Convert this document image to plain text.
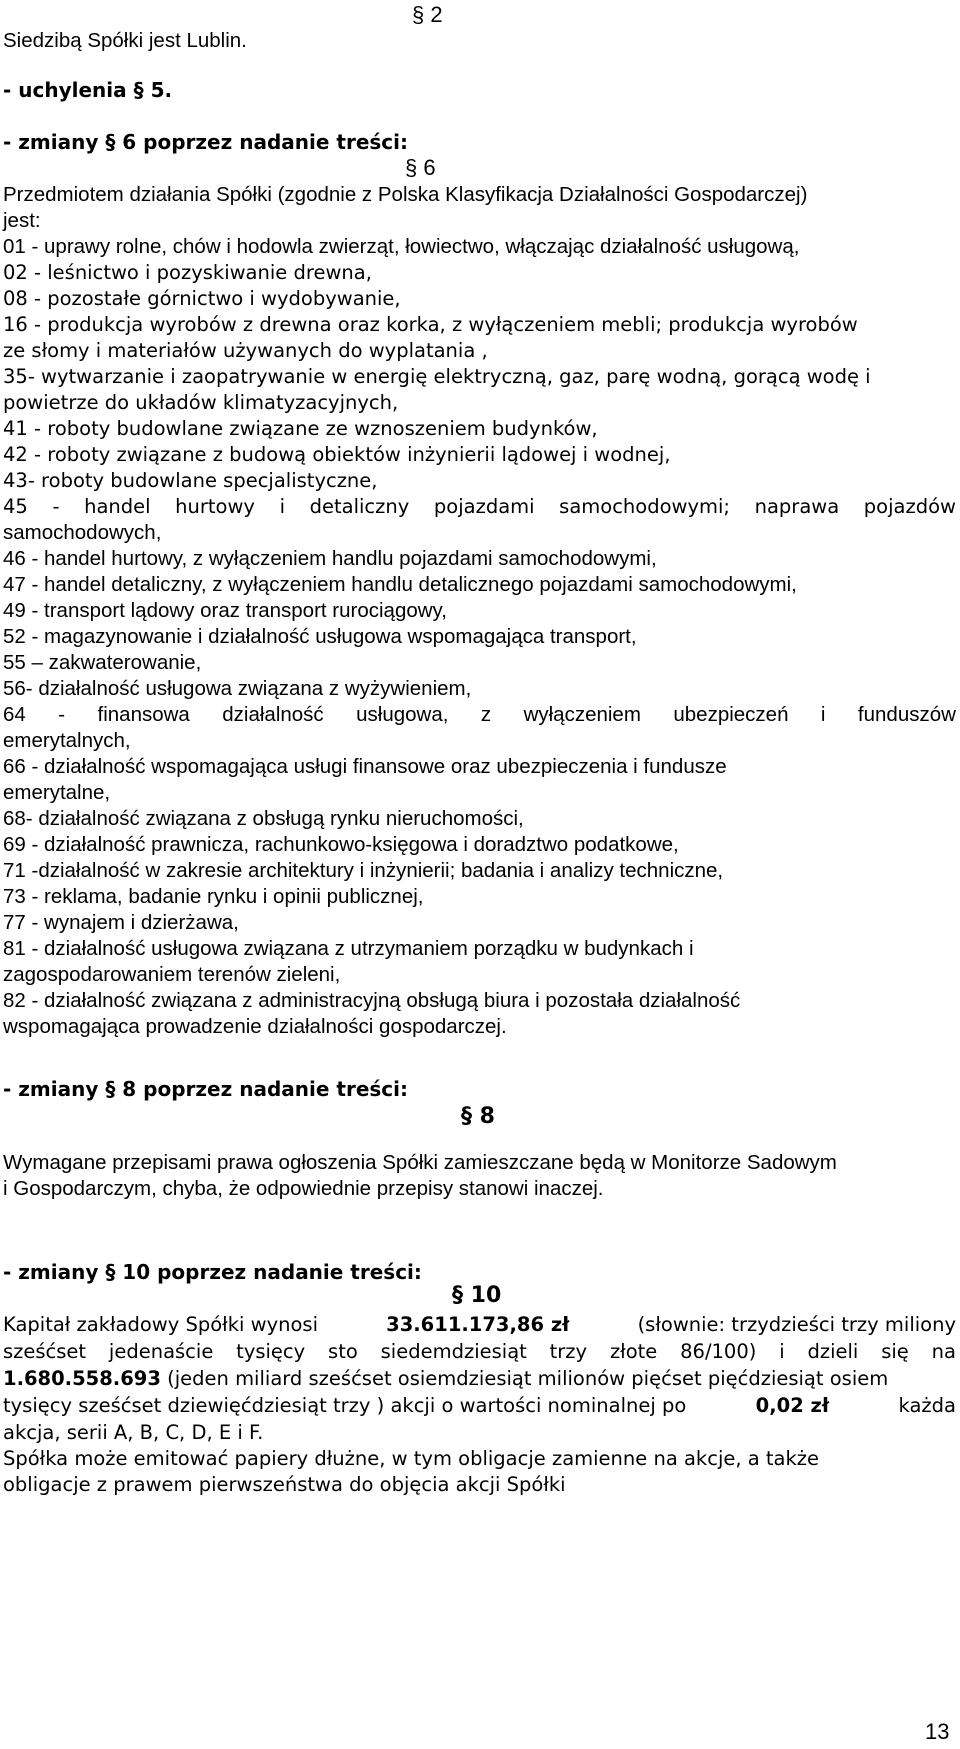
Siedzibą Spółki jest Lublin.
§ 2
- uchylenia § 5.
- zmiany § 6 poprzez nadanie treści:
§ 6
Przedmiotem działania Spółki (zgodnie z Polska Klasyfikacja Działalności Gospodarczej)
jest:
01 - uprawy rolne, chów i hodowla zwierząt, łowiectwo, włączając działalność usługową,
02 - leśnictwo i pozyskiwanie drewna,
08 - pozostałe górnictwo i wydobywanie,
16 - produkcja wyrobów z drewna oraz korka, z wyłączeniem mebli; produkcja wyrobów
ze słomy i materiałów używanych do wyplatania ,
35- wytwarzanie i zaopatrywanie w energię elektryczną, gaz, parę wodną, gorącą wodę i
powietrze do układów klimatyzacyjnych,
41 - roboty budowlane związane ze wznoszeniem budynków,
42 - roboty związane z budową obiektów inżynierii lądowej i wodnej,
43- roboty budowlane specjalistyczne,
45 - handel hurtowy i detaliczny pojazdami samochodowymi; naprawa pojazdów
samochodowych,
46 - handel hurtowy, z wyłączeniem handlu pojazdami samochodowymi,
47 - handel detaliczny, z wyłączeniem handlu detalicznego pojazdami samochodowymi,
49 - transport lądowy oraz transport rurociągowy,
52 - magazynowanie i działalność usługowa wspomagająca transport,
55 – zakwaterowanie,
56- działalność usługowa związana z wyżywieniem,
64 - finansowa działalność usługowa, z wyłączeniem ubezpieczeń i funduszów
emerytalnych,
66 - działalność wspomagająca usługi finansowe oraz ubezpieczenia i fundusze
emerytalne,
68- działalność związana z obsługą rynku nieruchomości,
69 - działalność prawnicza, rachunkowo-księgowa i doradztwo podatkowe,
71 -działalność w zakresie architektury i inżynierii; badania i analizy techniczne,
73 - reklama, badanie rynku i opinii publicznej,
77 - wynajem i dzierżawa,
81 - działalność usługowa związana z utrzymaniem porządku w budynkach i
zagospodarowaniem terenów zieleni,
82 - działalność związana z administracyjną obsługą biura i pozostała działalność
wspomagająca prowadzenie działalności gospodarczej.
- zmiany § 8 poprzez nadanie treści:
§ 8
Wymagane przepisami prawa ogłoszenia Spółki zamieszczane będą w Monitorze Sadowym
i Gospodarczym, chyba, że odpowiednie przepisy stanowi inaczej.
- zmiany § 10 poprzez nadanie treści:
§ 10
Kapitał zakładowy Spółki wynosi	33.611.173,86 zł	(słownie: trzydzieści trzy miliony
sześćset jedenaście tysięcy sto siedemdziesiąt trzy złote 86/100) i dzieli się na
1.680.558.693 (jeden miliard sześćset osiemdziesiąt milionów pięćset pięćdziesiąt osiem
tysięcy sześćset dziewięćdziesiąt trzy ) akcji o wartości nominalnej po	0,02 zł	każda
akcja, serii A, B, C, D, E i F.
Spółka może emitować papiery dłużne, w tym obligacje zamienne na akcje, a także
obligacje z prawem pierwszeństwa do objęcia akcji Spółki
13
